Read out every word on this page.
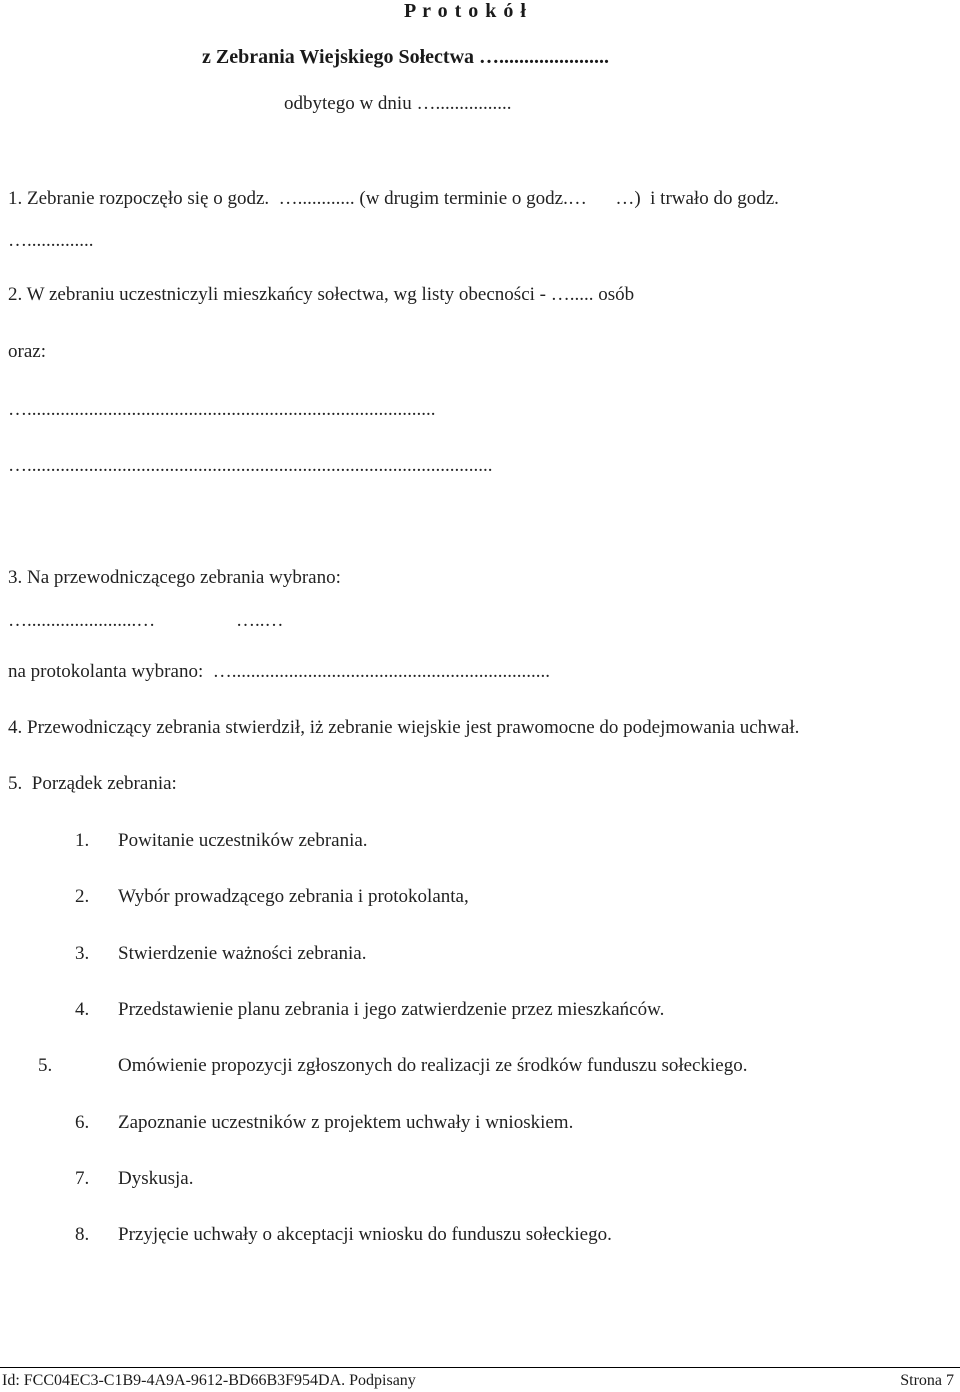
P r o t o k ó ł
z Zebrania Wiejskiego Sołectwa …......................
odbytego w dniu …................
1. Zebranie rozpoczęło się o godz.  …............ (w drugim terminie o godz.…      …)  i trwało do godz.
…..............
2. W zebraniu uczestniczyli mieszkańcy sołectwa, wg listy obecności - …..... osób
oraz:
…......................................................................................
…..................................................................................................
3. Na przewodniczącego zebrania wybrano:
….......................…                 …..…
na protokolanta wybrano:  …...................................................................
4. Przewodniczący zebrania stwierdził, iż zebranie wiejskie jest prawomocne do podejmowania uchwał.
5.  Porządek zebrania:
1. Powitanie uczestników zebrania.
2. Wybór prowadzącego zebrania i protokolanta,
3. Stwierdzenie ważności zebrania.
4. Przedstawienie planu zebrania i jego zatwierdzenie przez mieszkańców.
5.	Omówienie propozycji zgłoszonych do realizacji ze środków funduszu sołeckiego.
6. Zapoznanie uczestników z projektem uchwały i wnioskiem.
7. Dyskusja.
8. Przyjęcie uchwały o akceptacji wniosku do funduszu sołeckiego.
Id: FCC04EC3-C1B9-4A9A-9612-BD66B3F954DA. Podpisany	Strona 7
